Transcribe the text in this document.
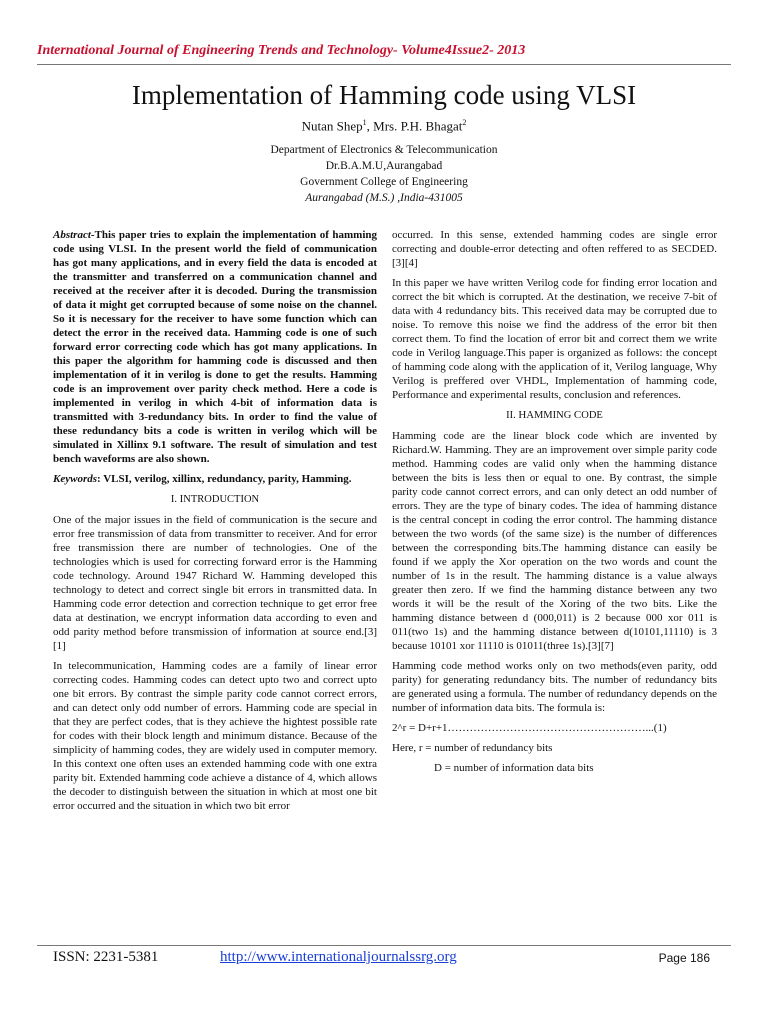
International Journal of Engineering Trends and Technology- Volume4Issue2- 2013
Implementation of Hamming code using VLSI
Nutan Shep$^1$, Mrs. P.H. Bhagat$^2$
Department of Electronics & Telecommunication
Dr.B.A.M.U,Aurangabad
Government College of Engineering
Aurangabad (M.S.) ,India-431005

Abstract-This paper tries to explain the implementation of hamming code using VLSI. In the present world the field of communication has got many applications, and in every field the data is encoded at the transmitter and transferred on a communication channel and received at the receiver after it is decoded. During the transmission of data it might get corrupted because of some noise on the channel. So it is necessary for the receiver to have some function which can detect the error in the received data. Hamming code is one of such forward error correcting code which has got many applications. In this paper the algorithm for hamming code is discussed and then implementation of it in verilog is done to get the results. Hamming code is an improvement over parity check method. Here a code is implemented in verilog in which 4-bit of information data is transmitted with 3-redundancy bits. In order to find the value of these redundancy bits a code is written in verilog which will be simulated in Xillinx 9.1 software. The result of simulation and test bench waveforms are also shown.

Keywords: VLSI, verilog, xillinx, redundancy, parity, Hamming.

I. INTRODUCTION

One of the major issues in the field of communication is the secure and error free transmission of data from transmitter to receiver. And for error free transmission there are number of technologies. One of the technologies which is used for correcting forward error is the Hamming code technology. Around 1947 Richard W. Hamming developed this technology to detect and correct single bit errors in transmitted data. In Hamming code error detection and correction technique to get error free data at destination, we encrypt information data according to even and odd parity method before transmission of information at source end.[3][1]

In telecommunication, Hamming codes are a family of linear error correcting codes. Hamming codes can detect upto two and correct upto one bit errors. By contrast the simple parity code cannot correct errors, and can detect only odd number of errors. Hamming code are special in that they are perfect codes, that is they achieve the hightest possible rate for codes with their block length and minimum distance. Because of the simplicity of hamming codes, they are widely used in computer memory. In this context one often uses an extended hamming code with one extra parity bit. Extended hamming code achieve a distance of 4, which allows the decoder to distinguish between the situation in which at most one bit error occurred and the situation in which two bit error

occurred. In this sense, extended hamming codes are single error correcting and double-error detecting and often reffered to as SECDED.[3][4]

In this paper we have written Verilog code for finding error location and correct the bit which is corrupted. At the destination, we receive 7-bit of data with 4 redundancy bits. This received data may be corrupted due to noise. To remove this noise we find the address of the error bit then correct them. To find the location of error bit and correct them we write code in Verilog language.This paper is organized as follows: the concept of hamming code along with the application of it, Verilog language, Why Verilog is preffered over VHDL, Implementation of hamming code, Performance and experimental results, conclusion and references.

II. HAMMING CODE

Hamming code are the linear block code which are invented by Richard.W. Hamming. They are an improvement over simple parity code method. Hamming codes are valid only when the hamming distance between the bits is less then or equal to one. By contrast, the simple parity code cannot correct errors, and can only detect an odd number of errors. They are the type of binary codes. The idea of hamming distance is the central concept in coding the error control. The hamming distance between the two words (of the same size) is the number of differences between the corresponding bits.The hamming distance can easily be found if we apply the Xor operation on the two words and count the number of 1s in the result. The hamming distance is a value always greater then zero. If we find the hamming distance between any two words it will be the result of the Xoring of the two bits. Like the hamming distance between d (000,011) is 2 because 000 xor 011 is 011(two 1s) and the hamming distance between d(10101,11110) is 3 because 10101 xor 11110 is 01011(three 1s).[3][7]

Hamming code method works only on two methods(even parity, odd parity) for generating redundancy bits. The number of redundancy bits are generated using a formula. The number of redundancy depends on the number of information data bits. The formula is:

2^r = D+r+1………………………………………………...(1)

Here, r = number of redundancy bits

D = number of information data bits

ISSN: 2231-5381	http://www.internationaljournalssrg.org	Page 186
